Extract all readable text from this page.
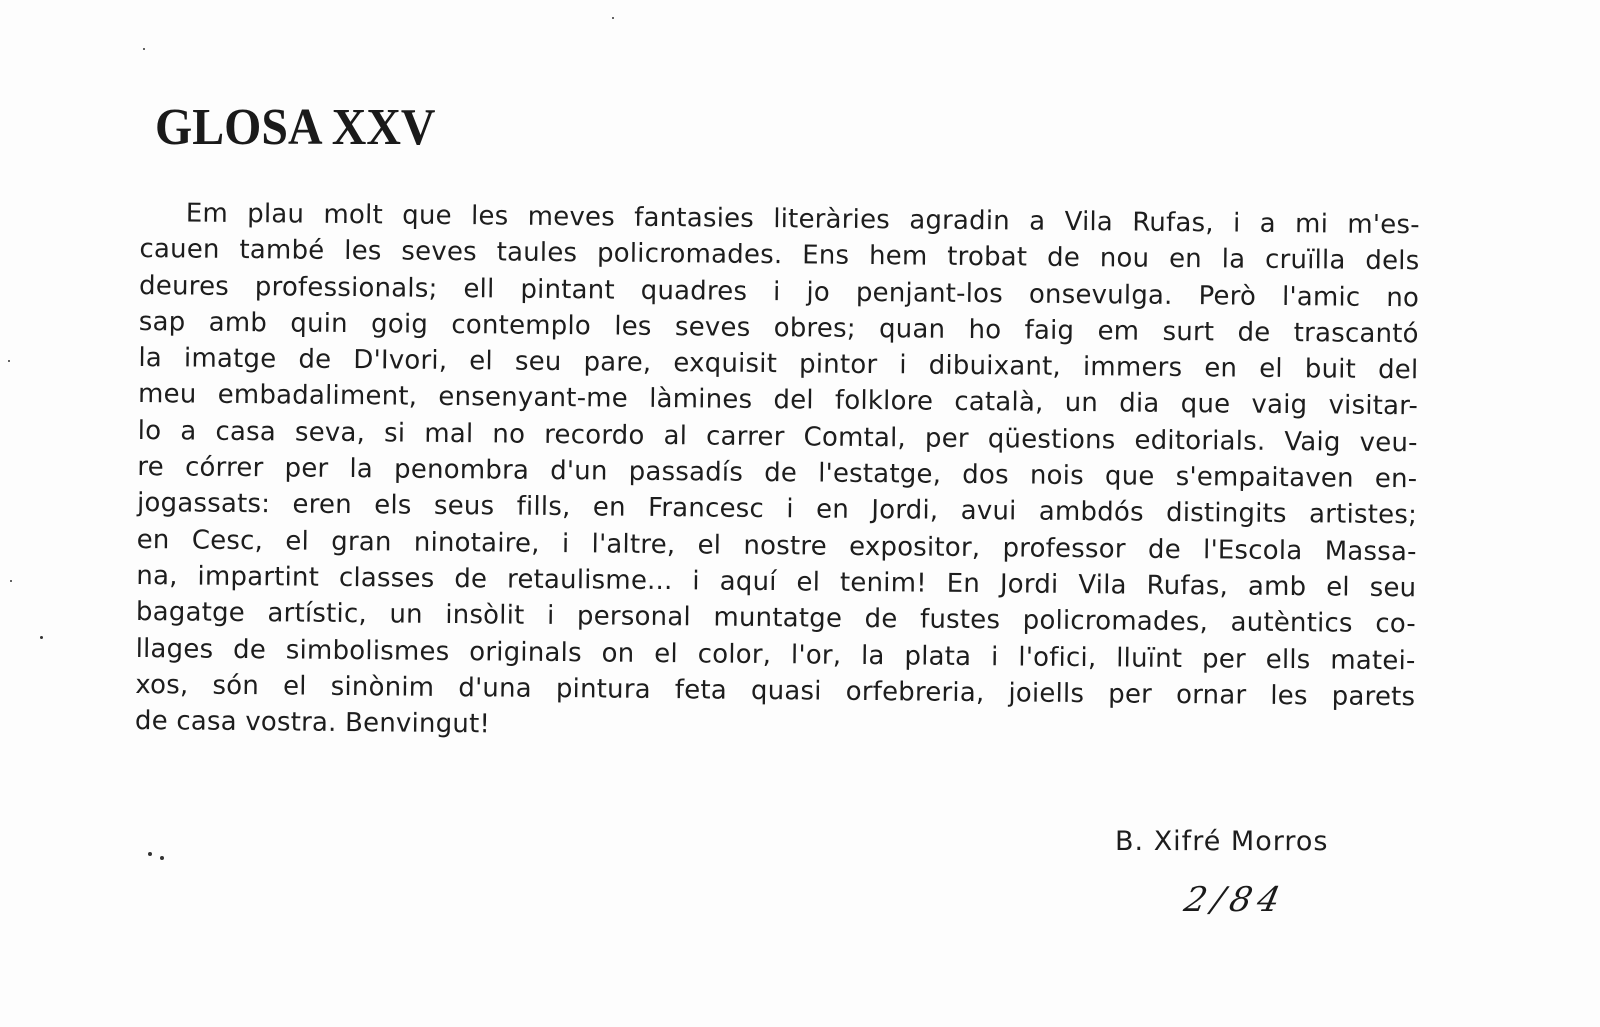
GLOSA XXV
Em plau molt que les meves fantasies literàries agradin a Vila Rufas, i a mi m'es-
cauen també les seves taules policromades. Ens hem trobat de nou en la cruïlla dels
deures professionals; ell pintant quadres i jo penjant-los onsevulga. Però l'amic no
sap amb quin goig contemplo les seves obres; quan ho faig em surt de trascantó
la imatge de D'Ivori, el seu pare, exquisit pintor i dibuixant, immers en el buit del
meu embadaliment, ensenyant-me làmines del folklore català, un dia que vaig visitar-
lo a casa seva, si mal no recordo al carrer Comtal, per qüestions editorials. Vaig veu-
re córrer per la penombra d'un passadís de l'estatge, dos nois que s'empaitaven en-
jogassats: eren els seus fills, en Francesc i en Jordi, avui ambdós distingits artistes;
en Cesc, el gran ninotaire, i l'altre, el nostre expositor, professor de l'Escola Massa-
na, impartint classes de retaulisme... i aquí el tenim! En Jordi Vila Rufas, amb el seu
bagatge artístic, un insòlit i personal muntatge de fustes policromades, autèntics co-
llages de simbolismes originals on el color, l'or, la plata i l'ofici, lluïnt per ells matei-
xos, són el sinònim d'una pintura feta quasi orfebreria, joiells per ornar les parets
de casa vostra. Benvingut!

B. Xifré Morros

2/84
